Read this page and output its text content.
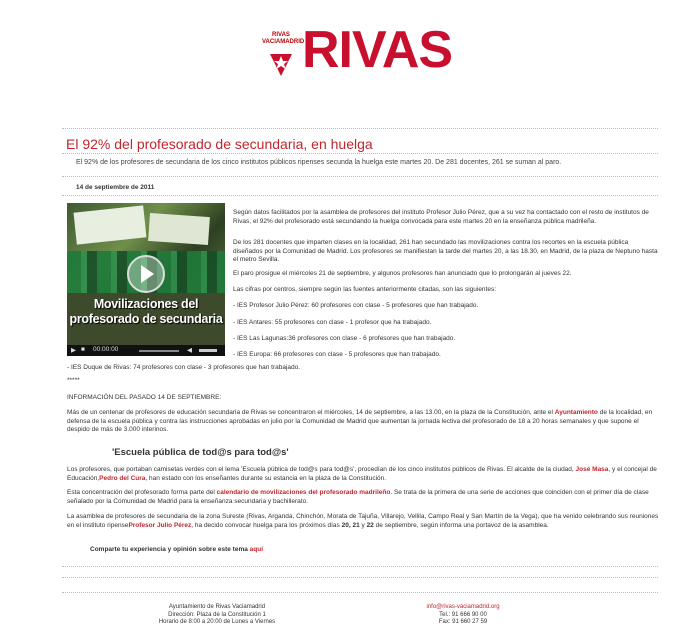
RIVAS
VACIAMADRID
RIVAS
El 92% del profesorado de secundaria, en huelga
El 92% de los profesores de secundaria de los cinco institutos públicos ripenses secunda la huelga este martes 20. De 281 docentes, 261 se suman al paro.
14 de septiembre de 2011
Movilizaciones del profesorado de secundaria
▶ ■ 00:00:00	◀

Según datos facilitados por la asamblea de profesores del instituto Profesor Julio Pérez, que a su vez ha contactado con el resto de institutos de Rivas, el 92% del profesorado está secundando la huelga convocada para este martes 20 en la enseñanza pública madrileña.

De los 281 docentes que imparten clases en la localidad, 261 han secundado las movilizaciones contra los recortes en la escuela pública diseñados por la Comunidad de Madrid. Los profesores se manifiestan la tarde del martes 20, a las 18.30, en Madrid, de la plaza de Neptuno hasta el metro Sevilla.

El paro prosigue el miércoles 21 de septiembre, y algunos profesores han anunciado que lo prolongarán al jueves 22.

Las cifras por centros, siempre según las fuentes anteriormente citadas, son las siguientes:

- IES Profesor Julio Pérez: 60 profesores con clase - 5 profesores que han trabajado.

- IES Antares: 55 profesores con clase - 1 profesor que ha trabajado.

- IES Las Lagunas:36 profesores con clase - 6 profesores que han trabajado.

- IES Europa: 66 profesores con clase - 5 profesores que han trabajado.

- IES Duque de Rivas: 74 profesores con clase - 3 profesores que han trabajado.

*****

INFORMACIÓN DEL PASADO 14 DE SEPTIEMBRE:

Más de un centenar de profesores de educación secundaria de Rivas se concentraron el miércoles, 14 de septiembre, a las 13.00, en la plaza de la Constitución, ante el Ayuntamiento de la localidad, en defensa de la escuela pública y contra las instrucciones aprobadas en julio por la Comunidad de Madrid que aumentan la jornada lectiva del profesorado de 18 a 20 horas semanales y que supone el despido de más de 3.000 interinos.

'Escuela pública de tod@s para tod@s'

Los profesores, que portaban camisetas verdes con el lema 'Escuela pública de tod@s para tod@s', procedían de los cinco institutos públicos de Rivas. El alcalde de la ciudad, José Masa, y el concejal de Educación,Pedro del Cura, han estado con los enseñantes durante su estancia en la plaza de la Constitución.

Esta concentración del profesorado forma parte del calendario de movilizaciones del profesorado madrileño. Se trata de la primera de una serie de acciones que coinciden con el primer día de clase señalado por la Comunidad de Madrid para la enseñanza secundaria y bachillerato.

La asamblea de profesores de secundaria de la zona Sureste (Rivas, Arganda, Chinchón, Morata de Tajuña, Villarejo, Vellila, Campo Real y San Martín de la Vega), que ha venido celebrando sus reuniones en el instituto ripenseProfesor Julio Pérez, ha decido convocar huelga para los próximos días 20, 21 y 22 de septiembre, según informa una portavoz de la asamblea.

Comparte tu experiencia y opinión sobre este tema aquí
Ayuntamiento de Rivas Vaciamadrid
Dirección: Plaza de la Constitución 1
Horario de 8:00 a 20:00 de Lunes a Viernes
info@rivas-vaciamadrid.org
Tel.: 91 666 90 00
Fax: 91 660 27 59
